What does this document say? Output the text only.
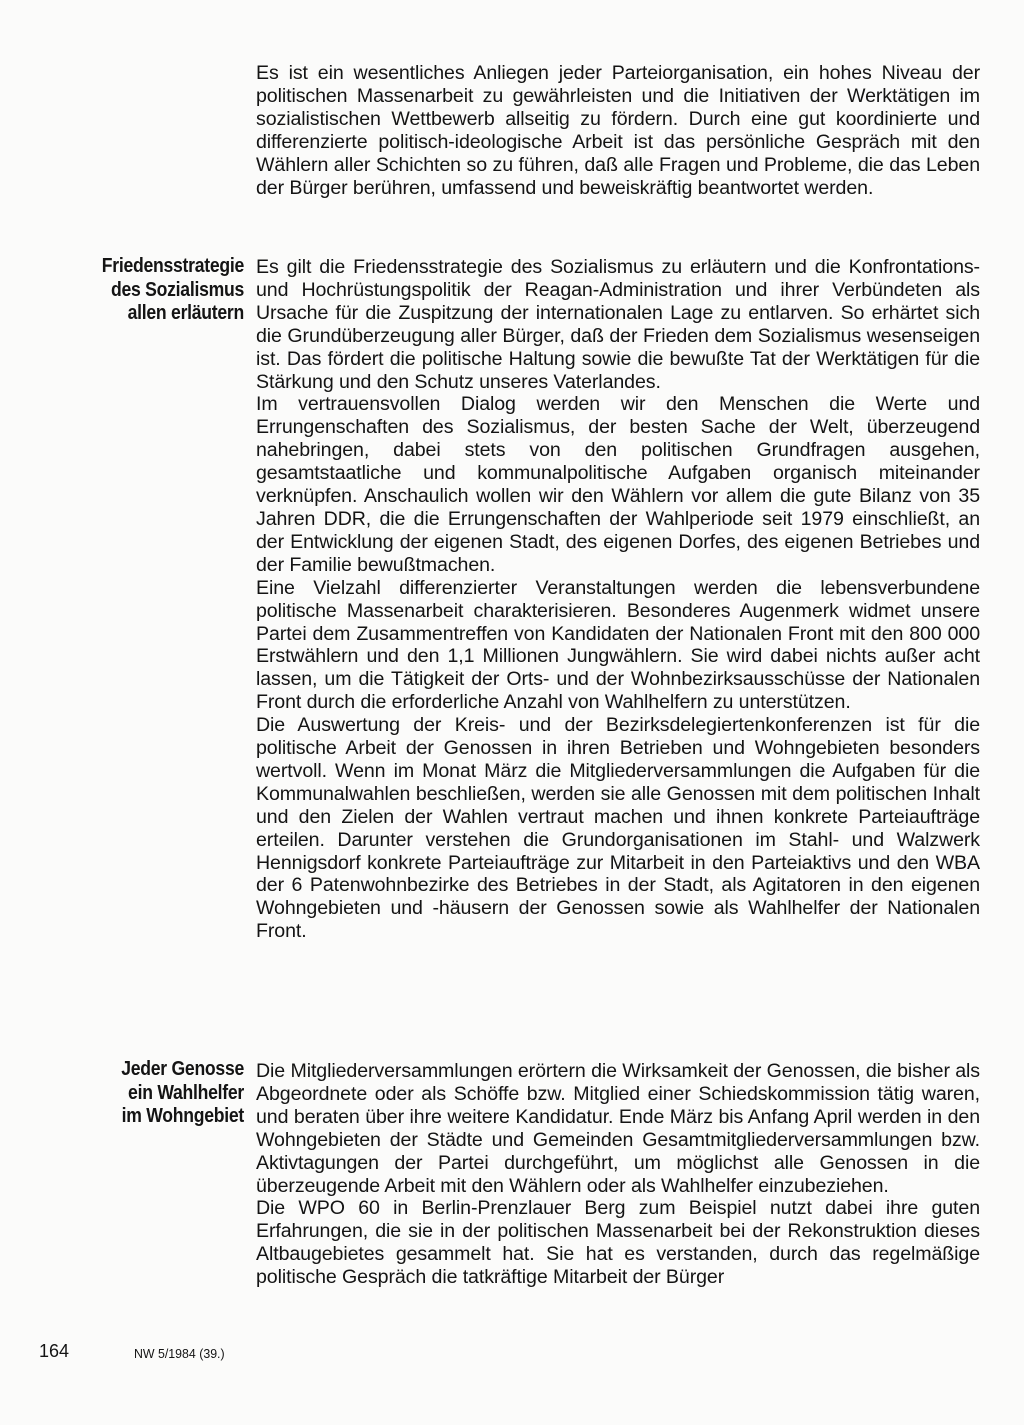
Es ist ein wesentliches Anliegen jeder Parteiorganisation, ein hohes Niveau der politischen Massenarbeit zu gewährleisten und die Initiativen der Werktätigen im sozialistischen Wettbewerb allseitig zu fördern. Durch eine gut koordinierte und differenzierte politisch-ideologische Arbeit ist das persönliche Gespräch mit den Wählern aller Schichten so zu führen, daß alle Fragen und Probleme, die das Leben der Bürger berühren, umfassend und beweiskräftig beantwortet werden.

Friedensstrategie
des Sozialismus
allen erläutern

Es gilt die Friedensstrategie des Sozialismus zu erläutern und die Konfrontations- und Hochrüstungspolitik der Reagan-Administration und ihrer Verbündeten als Ursache für die Zuspitzung der internationalen Lage zu entlarven. So erhärtet sich die Grundüberzeugung aller Bürger, daß der Frieden dem Sozialismus wesenseigen ist. Das fördert die politische Haltung sowie die bewußte Tat der Werktätigen für die Stärkung und den Schutz unseres Vaterlandes.

Im vertrauensvollen Dialog werden wir den Menschen die Werte und Errungenschaften des Sozialismus, der besten Sache der Welt, überzeugend nahebringen, dabei stets von den politischen Grundfragen ausgehen, gesamtstaatliche und kommunalpolitische Aufgaben organisch miteinander verknüpfen. Anschaulich wollen wir den Wählern vor allem die gute Bilanz von 35 Jahren DDR, die die Errungenschaften der Wahlperiode seit 1979 einschließt, an der Entwicklung der eigenen Stadt, des eigenen Dorfes, des eigenen Betriebes und der Familie bewußtmachen.

Eine Vielzahl differenzierter Veranstaltungen werden die lebensverbundene politische Massenarbeit charakterisieren. Besonderes Augenmerk widmet unsere Partei dem Zusammentreffen von Kandidaten der Nationalen Front mit den 800 000 Erstwählern und den 1,1 Millionen Jungwählern. Sie wird dabei nichts außer acht lassen, um die Tätigkeit der Orts- und der Wohnbezirksausschüsse der Nationalen Front durch die erforderliche Anzahl von Wahlhelfern zu unterstützen.

Die Auswertung der Kreis- und der Bezirksdelegiertenkonferenzen ist für die politische Arbeit der Genossen in ihren Betrieben und Wohngebieten besonders wertvoll. Wenn im Monat März die Mitgliederversammlungen die Aufgaben für die Kommunalwahlen beschließen, werden sie alle Genossen mit dem politischen Inhalt und den Zielen der Wahlen vertraut machen und ihnen konkrete Parteiaufträge erteilen. Darunter verstehen die Grundorganisationen im Stahl- und Walzwerk Hennigsdorf konkrete Parteiaufträge zur Mitarbeit in den Parteiaktivs und den WBA der 6 Patenwohnbezirke des Betriebes in der Stadt, als Agitatoren in den eigenen Wohngebieten und -häusern der Genossen sowie als Wahlhelfer der Nationalen Front.

Jeder Genosse
ein Wahlhelfer
im Wohngebiet

Die Mitgliederversammlungen erörtern die Wirksamkeit der Genossen, die bisher als Abgeordnete oder als Schöffe bzw. Mitglied einer Schiedskommission tätig waren, und beraten über ihre weitere Kandidatur. Ende März bis Anfang April werden in den Wohngebieten der Städte und Gemeinden Gesamtmitgliederversammlungen bzw. Aktivtagungen der Partei durchgeführt, um möglichst alle Genossen in die überzeugende Arbeit mit den Wählern oder als Wahlhelfer einzubeziehen.

Die WPO 60 in Berlin-Prenzlauer Berg zum Beispiel nutzt dabei ihre guten Erfahrungen, die sie in der politischen Massenarbeit bei der Rekonstruktion dieses Altbaugebietes gesammelt hat. Sie hat es verstanden, durch das regelmäßige politische Gespräch die tatkräftige Mitarbeit der Bürger

164	NW 5/1984 (39.)
